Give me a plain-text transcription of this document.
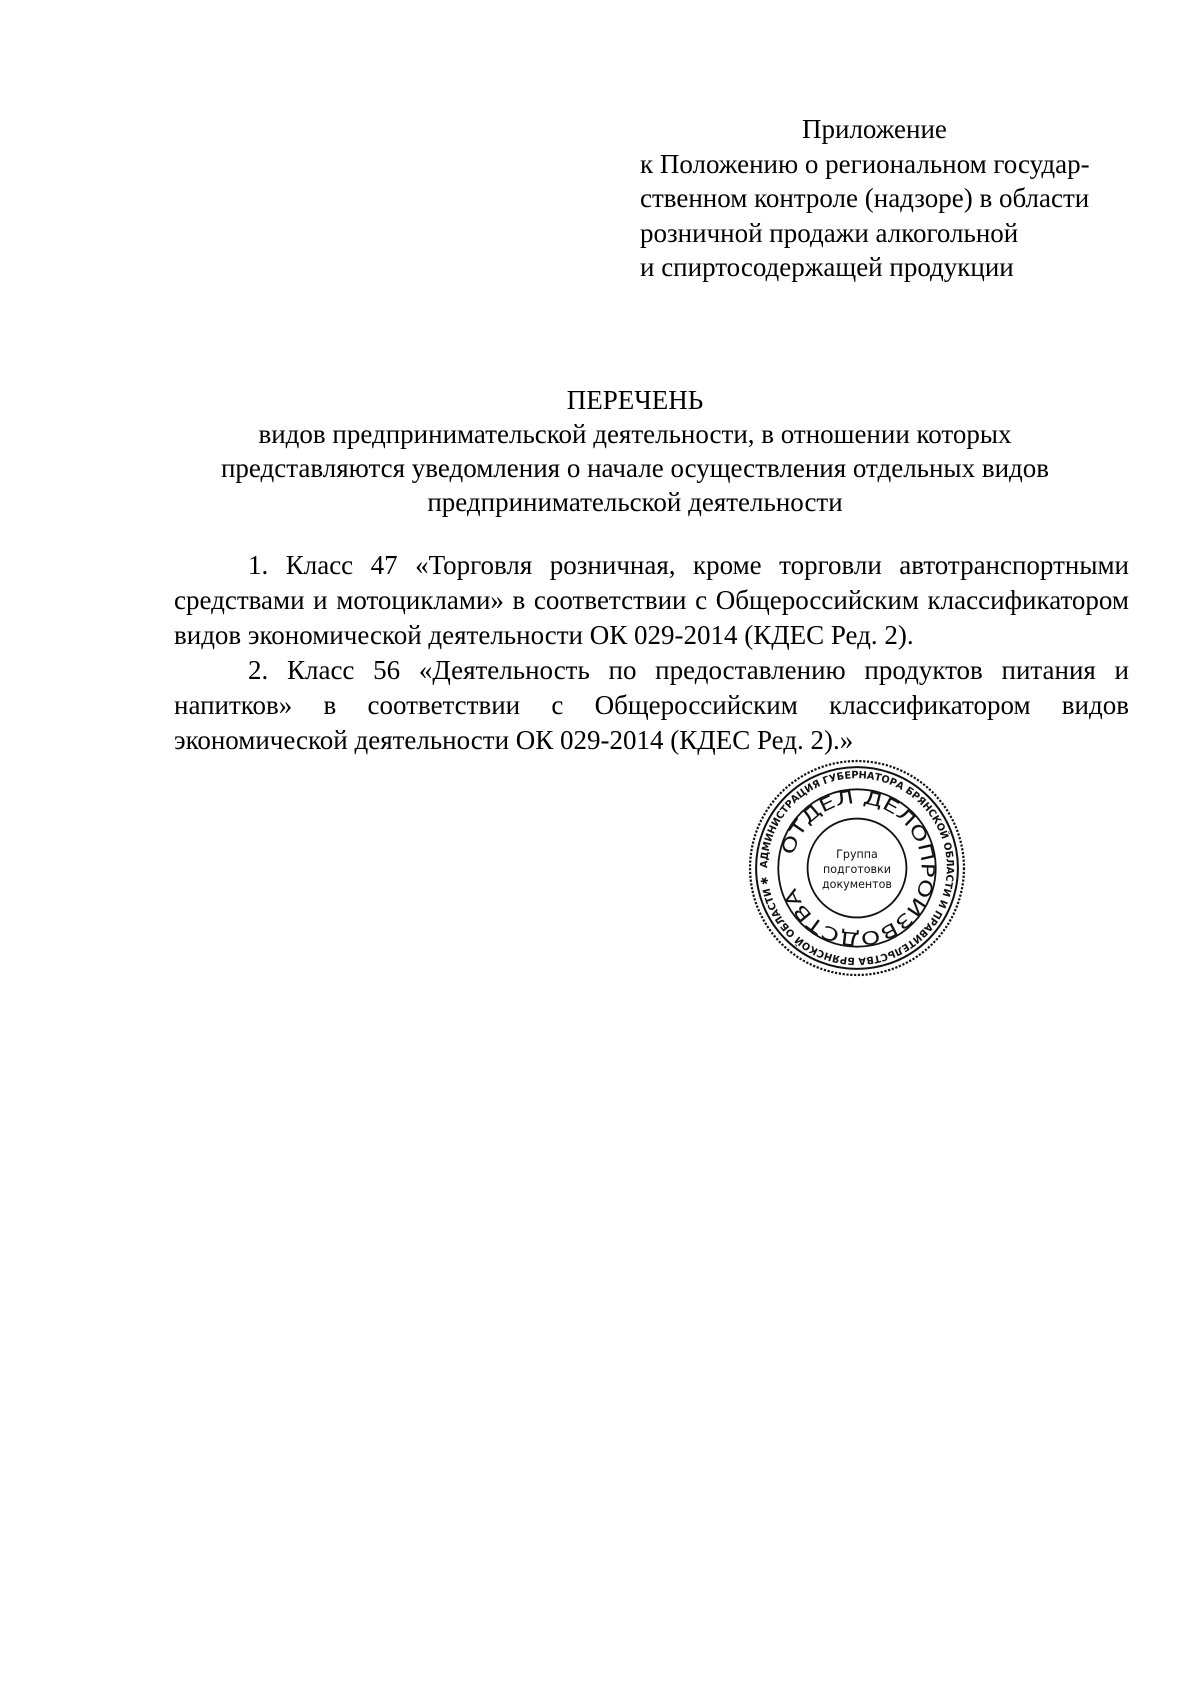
Приложение
к Положению о региональном государ-
ственном контроле (надзоре) в области
розничной продажи алкогольной
и спиртосодержащей продукции
ПЕРЕЧЕНЬ
видов предпринимательской деятельности, в отношении которых
представляются уведомления о начале осуществления отдельных видов
предпринимательской деятельности

1. Класс 47 «Торговля розничная, кроме торговли автотранспортными средствами и мотоциклами» в соответствии с Общероссийским классификатором видов экономической деятельности ОК 029-2014 (КДЕС Ред. 2).

2. Класс 56 «Деятельность по предоставлению продуктов питания и напитков» в соответствии с Общероссийским классификатором видов экономической деятельности ОК 029-2014 (КДЕС Ред. 2).»

АДМИНИСТРАЦИЯ ГУБЕРНАТОРА БРЯНСКОЙ ОБЛАСТИ И ПРАВИТЕЛЬСТВА БРЯНСКОЙ ОБЛАСТИ ✱
ОТДЕЛ ДЕЛОПРОИЗВОДСТВА
Группа
подготовки
документов
